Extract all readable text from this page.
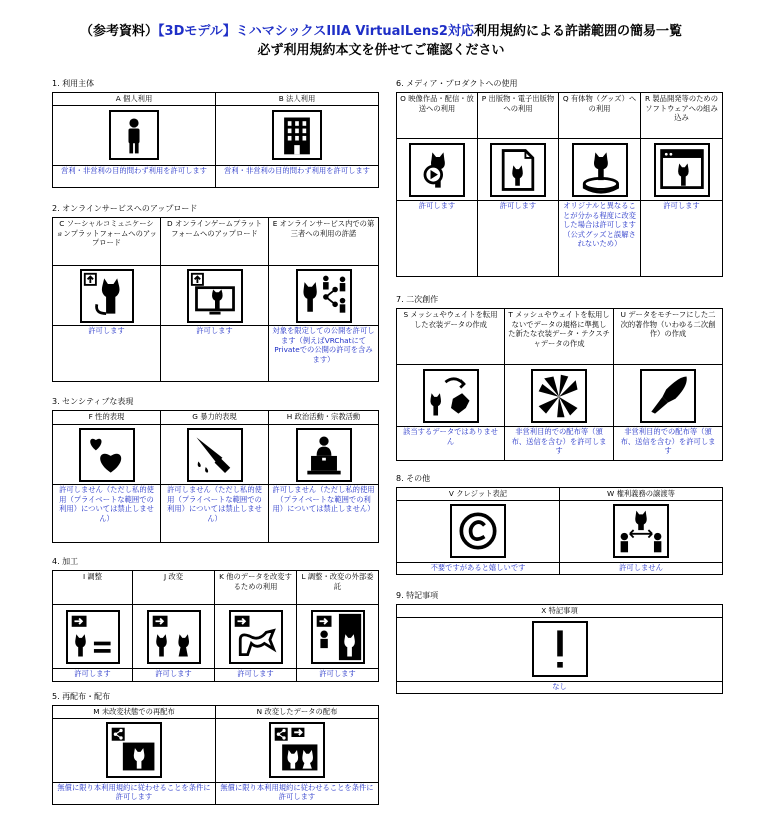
（参考資料）【3Dモデル】ミハマシックスIIIA VirtualLens2対応利用規約による許諾範囲の簡易一覧
必ず利用規約本文を併せてご確認ください
1. 利用主体
A 個人利用	B 法人利用

営利・非営利の目的問わず利用を許可します	営利・非営利の目的問わず利用を許可します
2. オンラインサービスへのアップロード
C ソーシャルコミュニケーションプラットフォームへのアップロード	D オンラインゲームプラットフォームへのアップロード	E オンラインサービス内での第三者への利用の許諾

許可します	許可します	対象を限定しての公開を許可します（例えばVRChatにてPrivateでの公開の許可を含みます）
3. センシティブな表現
F 性的表現	G 暴力的表現	H 政治活動・宗教活動

許可しません（ただし私的使用（プライベートな範囲での利用）については禁止しません）	許可しません（ただし私的使用（プライベートな範囲での利用）については禁止しません）	許可しません（ただし私的使用（プライベートな範囲での利用）については禁止しません）
4. 加工
I 調整	J 改変	K 他のデータを改変するための利用	L 調整・改変の外部委託

許可します	許可します	許可します	許可します
5. 再配布・配布
M 未改変状態での再配布	N 改変したデータの配布

無償に限り本利用規約に従わせることを条件に許可します	無償に限り本利用規約に従わせることを条件に許可します
6. メディア・プロダクトへの使用
O 映像作品・配信・放送への利用	P 出版物・電子出版物への利用	Q 有体物（グッズ）への利用	R 製品開発等のためのソフトウェアへの組み込み

許可します	許可します	オリジナルと異なることが分かる程度に改変した場合は許可します（公式グッズと誤解されないため）	許可します
7. 二次創作
S メッシュやウェイトを転用した衣装データの作成	T メッシュやウェイトを転用しないでデータの規格に準拠した新たな衣装データ・テクスチャデータの作成	U データをモチーフにした二次的著作物（いわゆる二次創作）の作成

該当するデータではありません	非営利目的での配布等（頒布、送信を含む）を許可します	非営利目的での配布等（頒布、送信を含む）を許可します
8. その他
V クレジット表記	W 権利義務の譲渡等

不要ですがあると嬉しいです	許可しません
9. 特記事項
X 特記事項

なし
